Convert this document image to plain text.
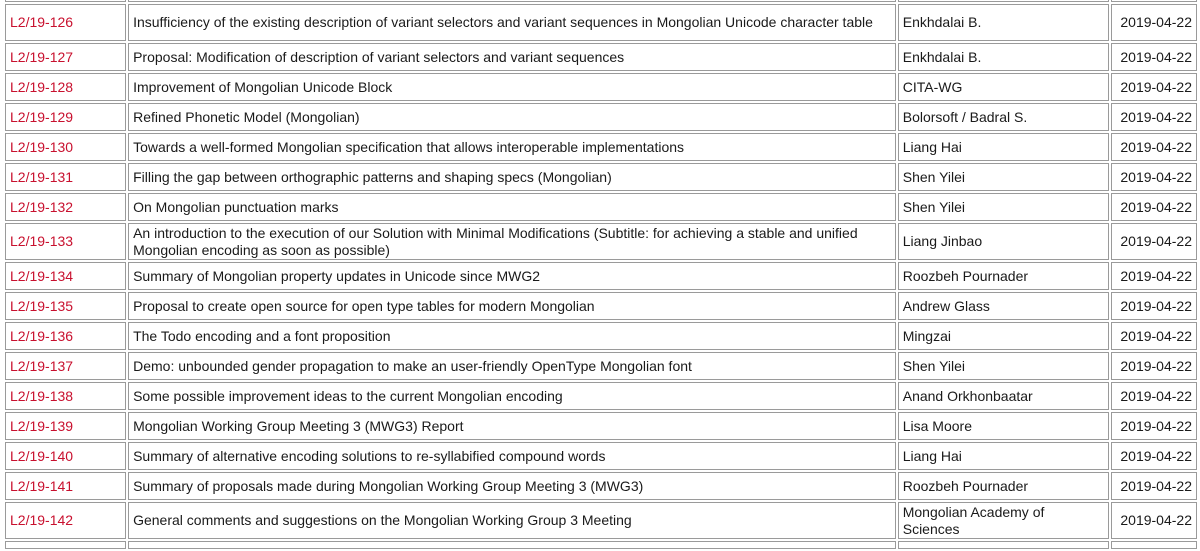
L2/19-126	Insufficiency of the existing description of variant selectors and variant sequences in Mongolian Unicode character table	Enkhdalai B.	2019-04-22
L2/19-127	Proposal: Modification of description of variant selectors and variant sequences	Enkhdalai B.	2019-04-22
L2/19-128	Improvement of Mongolian Unicode Block	CITA-WG	2019-04-22
L2/19-129	Refined Phonetic Model (Mongolian)	Bolorsoft / Badral S.	2019-04-22
L2/19-130	Towards a well-formed Mongolian specification that allows interoperable implementations	Liang Hai	2019-04-22
L2/19-131	Filling the gap between orthographic patterns and shaping specs (Mongolian)	Shen Yilei	2019-04-22
L2/19-132	On Mongolian punctuation marks	Shen Yilei	2019-04-22
L2/19-133	An introduction to the execution of our Solution with Minimal Modifications (Subtitle: for achieving a stable and unified Mongolian encoding as soon as possible)	Liang Jinbao	2019-04-22
L2/19-134	Summary of Mongolian property updates in Unicode since MWG2	Roozbeh Pournader	2019-04-22
L2/19-135	Proposal to create open source for open type tables for modern Mongolian	Andrew Glass	2019-04-22
L2/19-136	The Todo encoding and a font proposition	Mingzai	2019-04-22
L2/19-137	Demo: unbounded gender propagation to make an user-friendly OpenType Mongolian font	Shen Yilei	2019-04-22
L2/19-138	Some possible improvement ideas to the current Mongolian encoding	Anand Orkhonbaatar	2019-04-22
L2/19-139	Mongolian Working Group Meeting 3 (MWG3) Report	Lisa Moore	2019-04-22
L2/19-140	Summary of alternative encoding solutions to re-syllabified compound words	Liang Hai	2019-04-22
L2/19-141	Summary of proposals made during Mongolian Working Group Meeting 3 (MWG3)	Roozbeh Pournader	2019-04-22
L2/19-142	General comments and suggestions on the Mongolian Working Group 3 Meeting	Mongolian Academy of Sciences	2019-04-22
